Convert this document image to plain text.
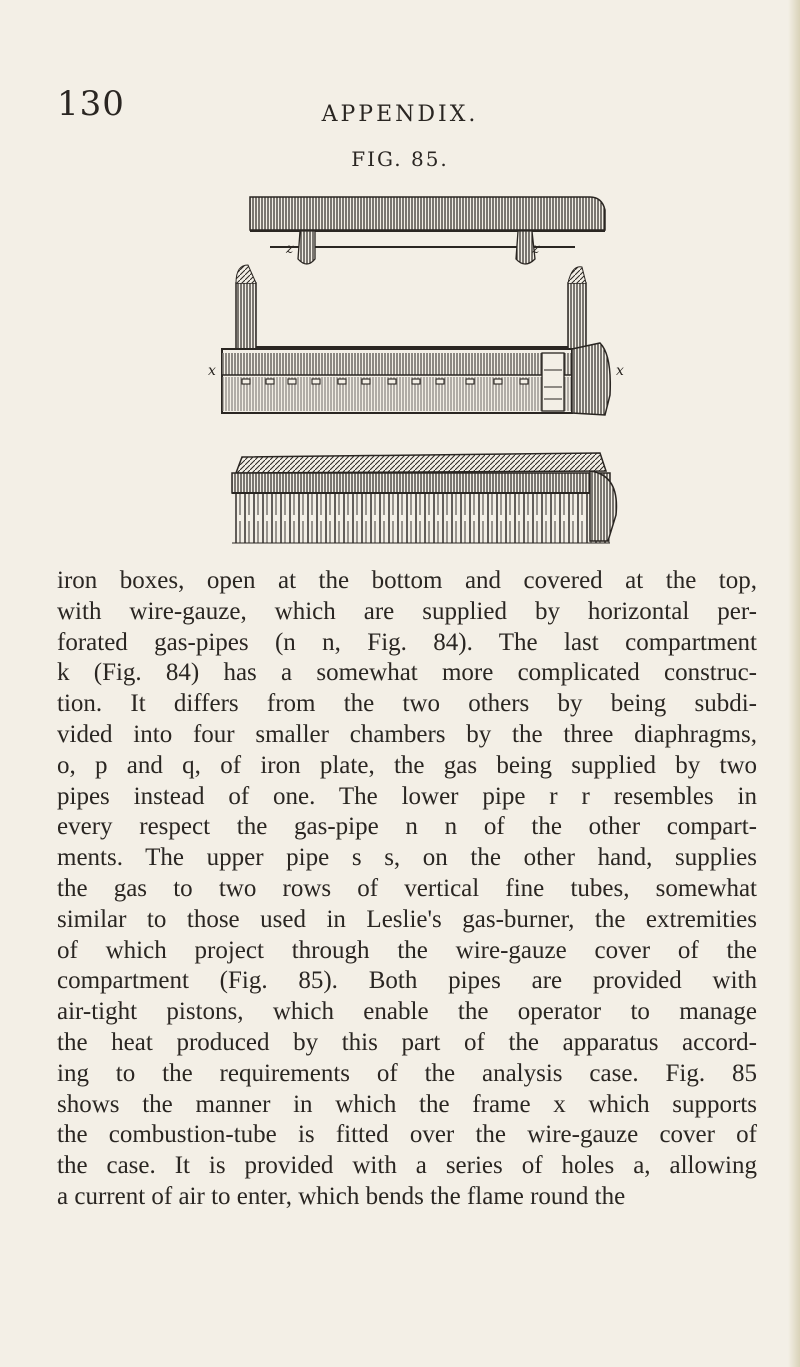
130	APPENDIX.
FIG. 85.
z	z
x	x
iron boxes, open at the bottom and covered at the top,
with wire-gauze, which are supplied by horizontal per-
forated gas-pipes (n n, Fig. 84). The last compartment
k (Fig. 84) has a somewhat more complicated construc-
tion. It differs from the two others by being subdi-
vided into four smaller chambers by the three diaphragms,
o, p and q, of iron plate, the gas being supplied by two
pipes instead of one. The lower pipe r r resembles in
every respect the gas-pipe n n of the other compart-
ments. The upper pipe s s, on the other hand, supplies
the gas to two rows of vertical fine tubes, somewhat
similar to those used in Leslie's gas-burner, the extremities
of which project through the wire-gauze cover of the
compartment (Fig. 85). Both pipes are provided with
air-tight pistons, which enable the operator to manage
the heat produced by this part of the apparatus accord-
ing to the requirements of the analysis case. Fig. 85
shows the manner in which the frame x which supports
the combustion-tube is fitted over the wire-gauze cover of
the case. It is provided with a series of holes a, allowing
a current of air to enter, which bends the flame round the
